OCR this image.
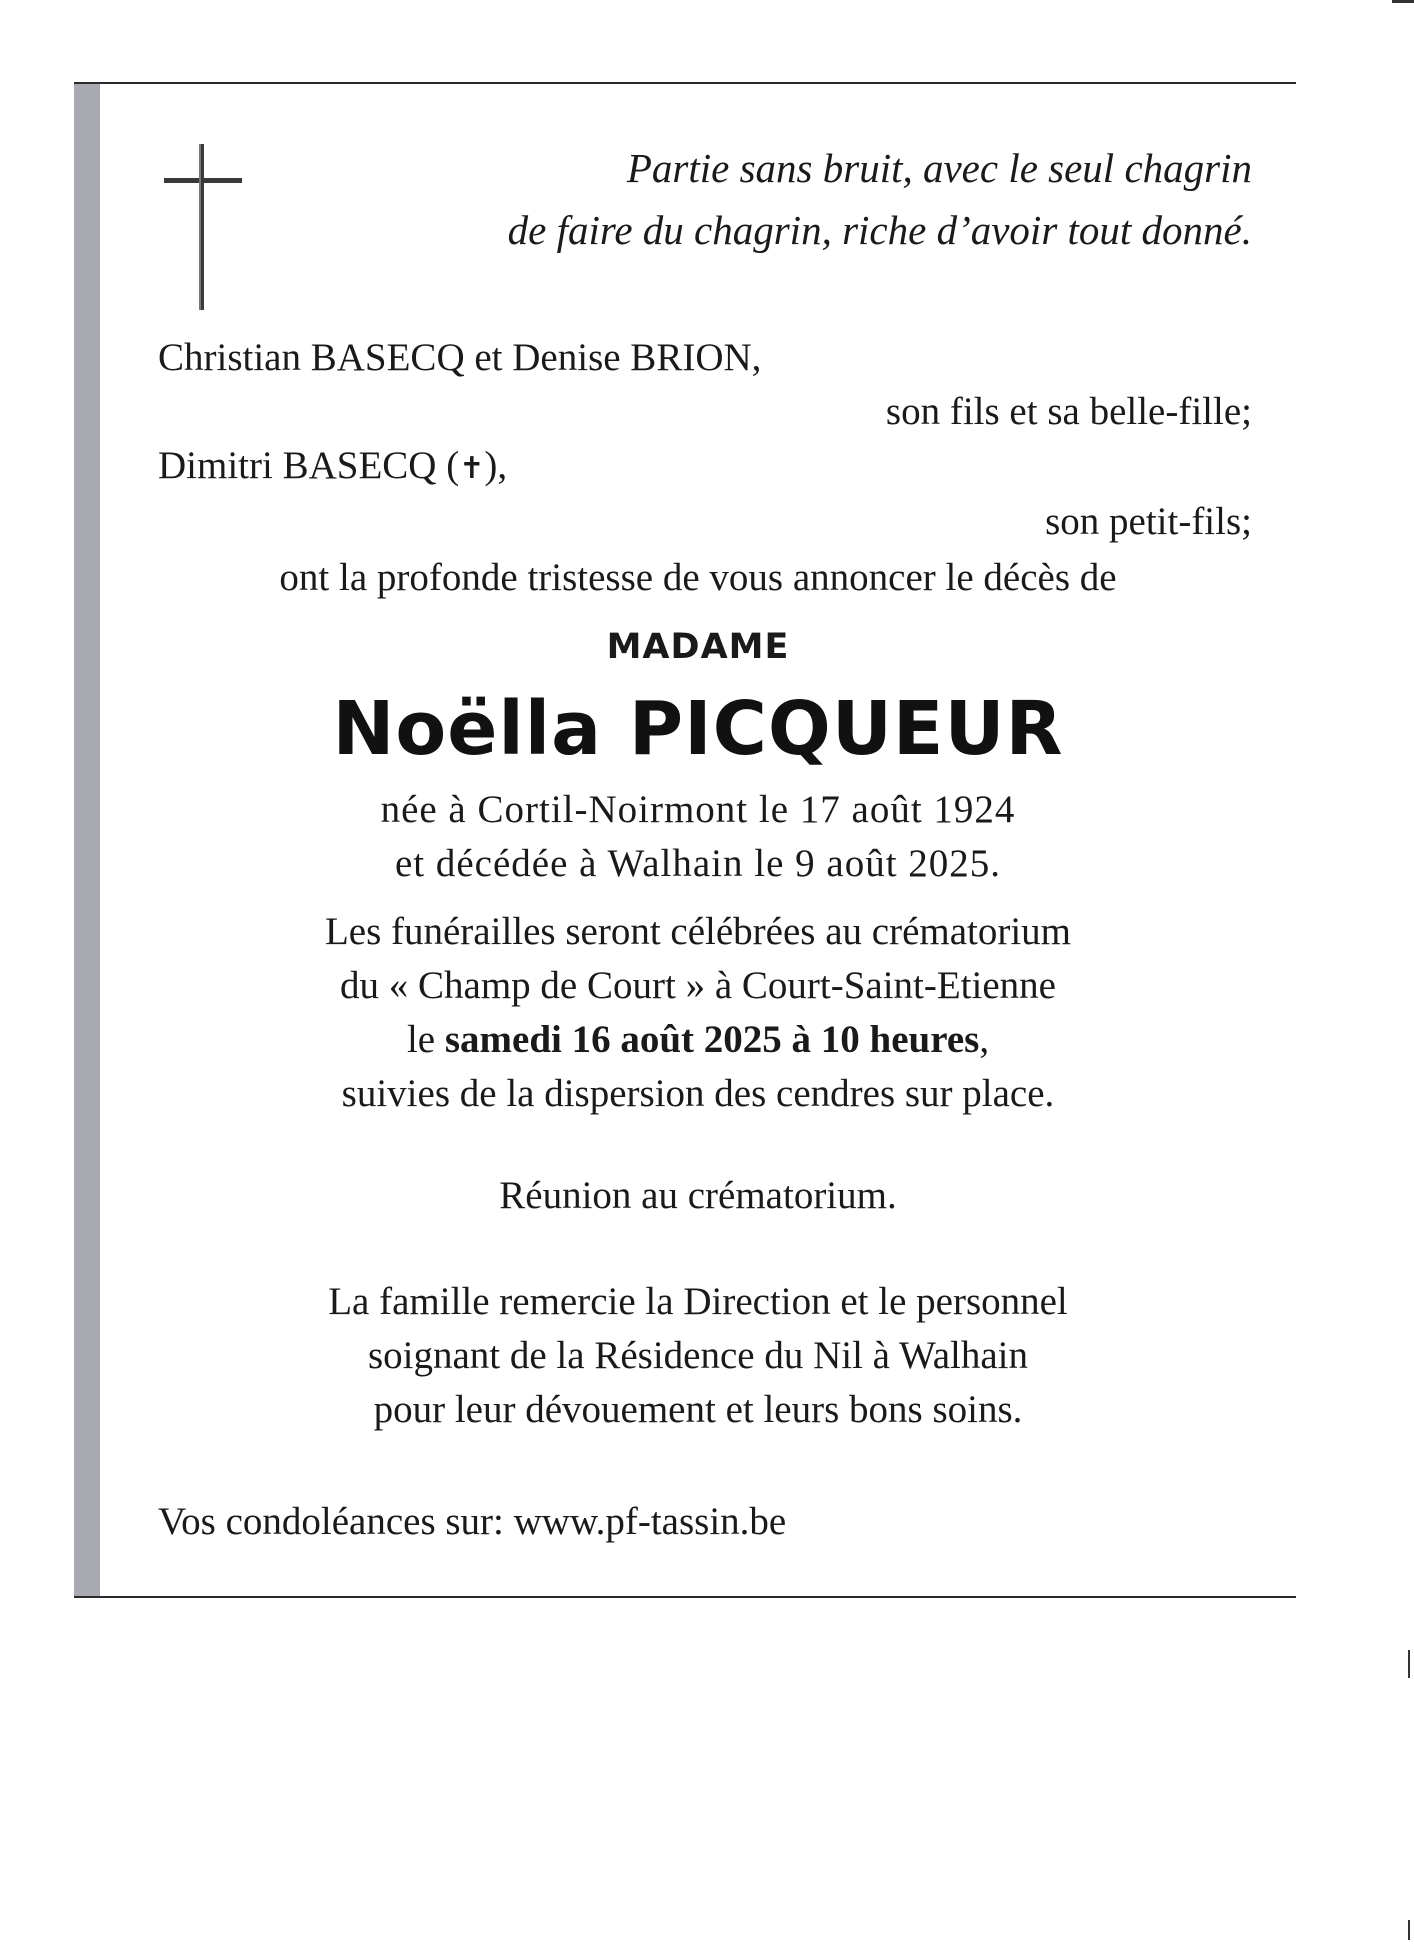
Partie sans bruit, avec le seul chagrin
de faire du chagrin, riche d’avoir tout donné.
Christian BASECQ et Denise BRION,
son fils et sa belle-fille;
Dimitri BASECQ (✝),
son petit-fils;
ont la profonde tristesse de vous annoncer le décès de
MADAME
Noëlla PICQUEUR
née à Cortil-Noirmont le 17 août 1924
et décédée à Walhain le 9 août 2025.
Les funérailles seront célébrées au crématorium
du « Champ de Court » à Court-Saint-Etienne
le samedi 16 août 2025 à 10 heures,
suivies de la dispersion des cendres sur place.
Réunion au crématorium.
La famille remercie la Direction et le personnel
soignant de la Résidence du Nil à Walhain
pour leur dévouement et leurs bons soins.
Vos condoléances sur: www.pf-tassin.be
